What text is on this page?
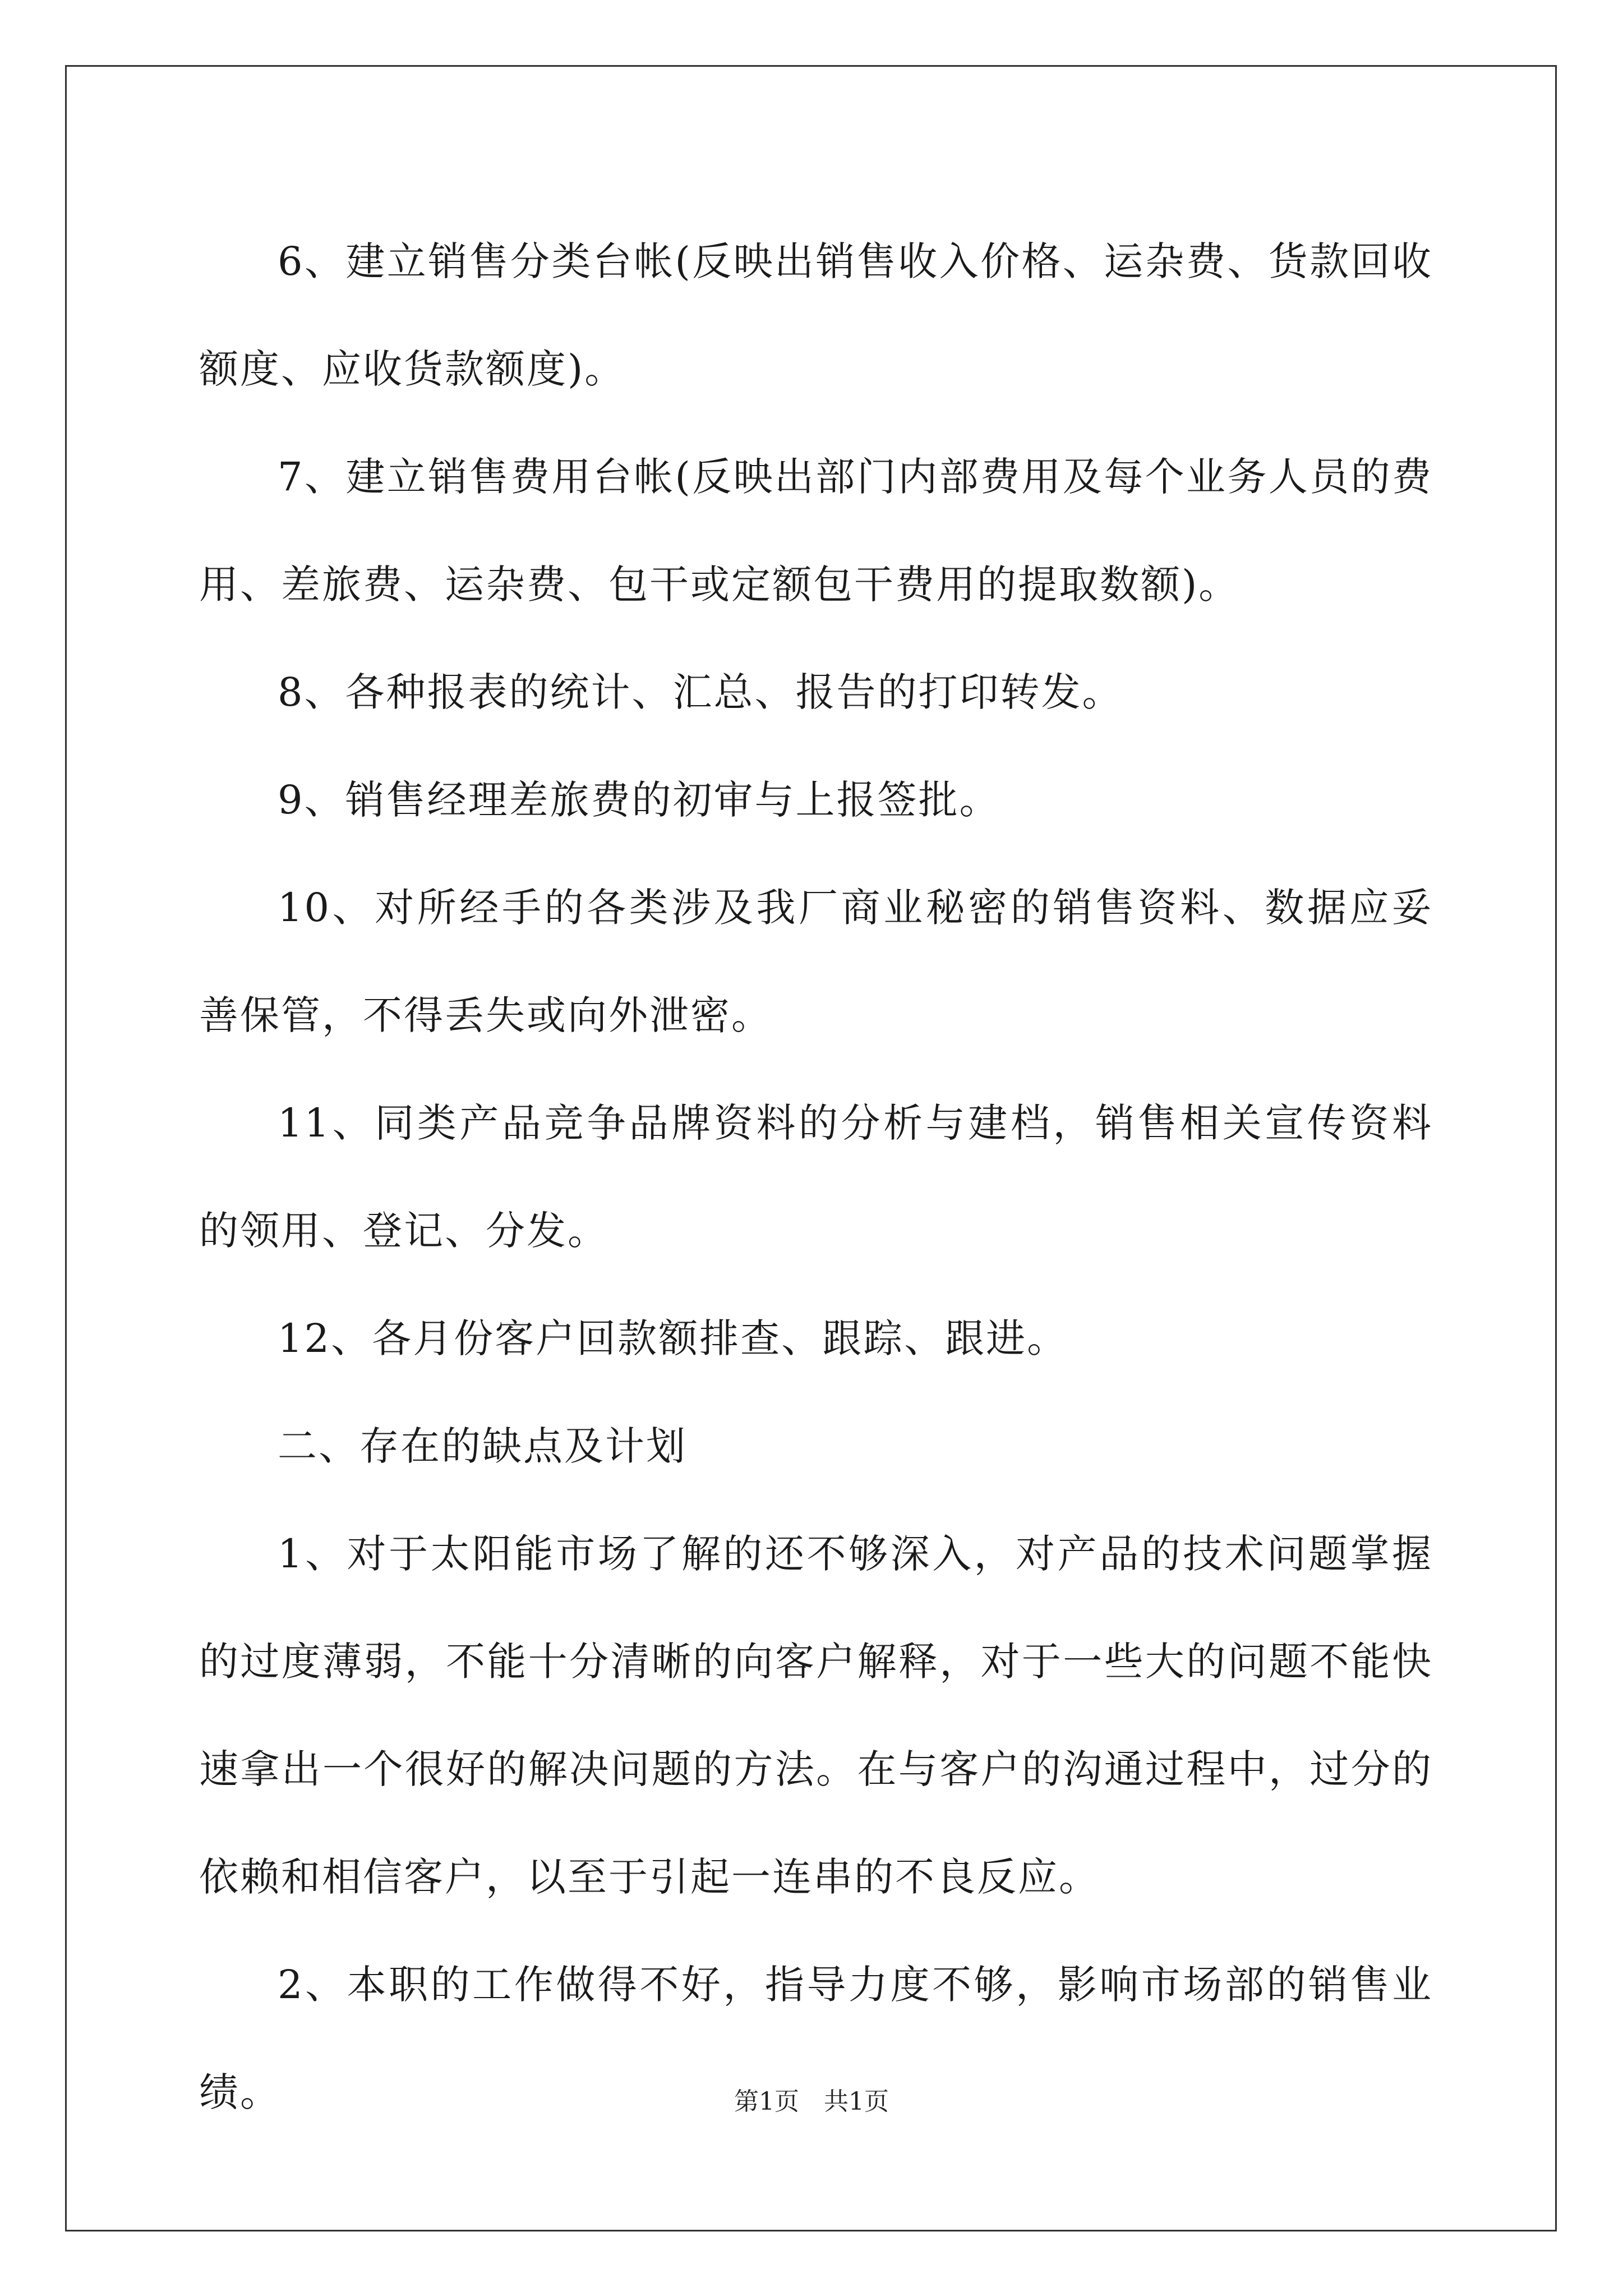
6、建立销售分类台帐(反映出销售收入价格、运杂费、货款回收额度、应收货款额度)。

7、建立销售费用台帐(反映出部门内部费用及每个业务人员的费用、差旅费、运杂费、包干或定额包干费用的提取数额)。

8、各种报表的统计、汇总、报告的打印转发。

9、销售经理差旅费的初审与上报签批。

10、对所经手的各类涉及我厂商业秘密的销售资料、数据应妥善保管，不得丢失或向外泄密。

11、同类产品竞争品牌资料的分析与建档，销售相关宣传资料的领用、登记、分发。

12、各月份客户回款额排查、跟踪、跟进。

二、存在的缺点及计划

1、对于太阳能市场了解的还不够深入，对产品的技术问题掌握的过度薄弱，不能十分清晰的向客户解释，对于一些大的问题不能快速拿出一个很好的解决问题的方法。在与客户的沟通过程中，过分的依赖和相信客户，以至于引起一连串的不良反应。

2、本职的工作做得不好，指导力度不够，影响市场部的销售业绩。	第1页 共1页
